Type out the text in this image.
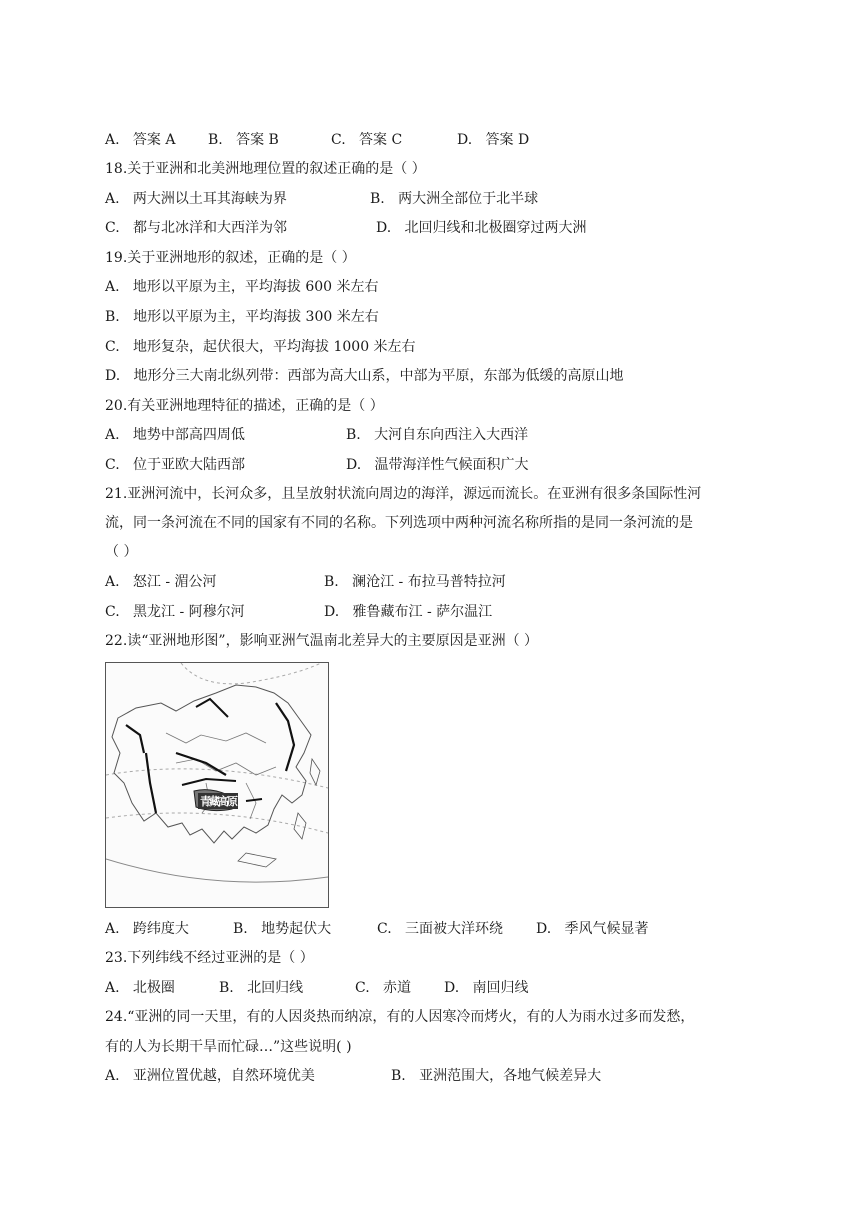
A. 答案 A B. 答案 B	C. 答案 C	D. 答案 D
18.关于亚洲和北美洲地理位置的叙述正确的是（ ）
A. 两大洲以土耳其海峡为界	B. 两大洲全部位于北半球
C. 都与北冰洋和大西洋为邻	D. 北回归线和北极圈穿过两大洲
19.关于亚洲地形的叙述，正确的是（ ）
A. 地形以平原为主，平均海拔 600 米左右
B. 地形以平原为主，平均海拔 300 米左右
C. 地形复杂，起伏很大，平均海拔 1000 米左右
D. 地形分三大南北纵列带：西部为高大山系，中部为平原，东部为低缓的高原山地
20.有关亚洲地理特征的描述，正确的是（ ）
A. 地势中部高四周低	B. 大河自东向西注入大西洋
C. 位于亚欧大陆西部	D. 温带海洋性气候面积广大
21.亚洲河流中，长河众多，且呈放射状流向周边的海洋，源远而流长。在亚洲有很多条国际性河
流，同一条河流在不同的国家有不同的名称。下列选项中两种河流名称所指的是同一条河流的是
（ ）
A. 怒江 - 湄公河	B. 澜沧江 - 布拉马普特拉河
C. 黑龙江 - 阿穆尔河	D. 雅鲁藏布江 - 萨尔温江
22.读“亚洲地形图”，影响亚洲气温南北差异大的主要原因是亚洲（ ）
青藏高原
A. 跨纬度大	B. 地势起伏大	C. 三面被大洋环绕 D. 季风气候显著
23.下列纬线不经过亚洲的是（ ）
A. 北极圈	B. 北回归线	C. 赤道 D. 南回归线
24.“亚洲的同一天里，有的人因炎热而纳凉，有的人因寒冷而烤火，有的人为雨水过多而发愁，
有的人为长期干旱而忙碌…”这些说明( )
A. 亚洲位置优越，自然环境优美	B. 亚洲范围大，各地气候差异大
